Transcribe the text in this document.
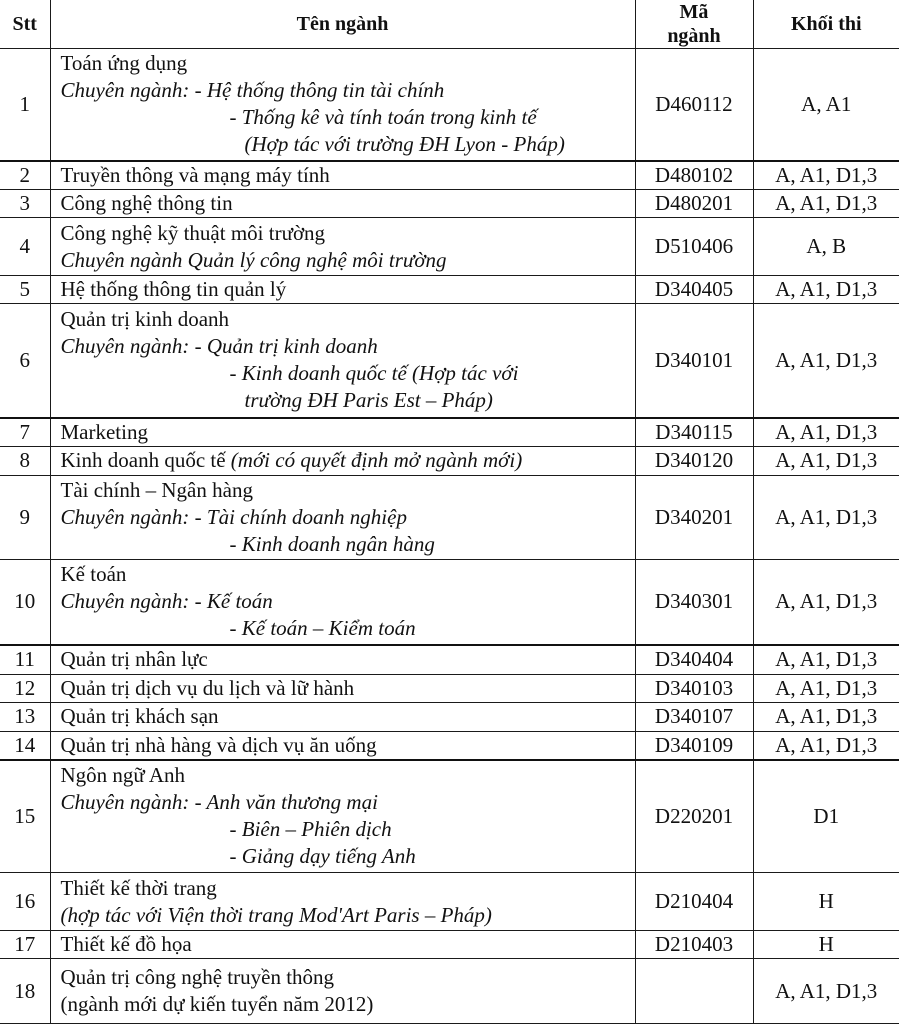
Stt	Tên ngành	Mã ngành	Khối thi
1	Toán ứng dụng
Chuyên ngành: - Hệ thống thông tin tài chính
- Thống kê và tính toán trong kinh tế
(Hợp tác với trường ĐH Lyon - Pháp)	D460112	A, A1
2	Truyền thông và mạng máy tính	D480102	A, A1, D1,3
3	Công nghệ thông tin	D480201	A, A1, D1,3
4	Công nghệ kỹ thuật môi trường
Chuyên ngành Quản lý công nghệ môi trường	D510406	A, B
5	Hệ thống thông tin quản lý	D340405	A, A1, D1,3
6	Quản trị kinh doanh
Chuyên ngành: - Quản trị kinh doanh
- Kinh doanh quốc tế (Hợp tác với
trường ĐH Paris Est – Pháp)	D340101	A, A1, D1,3
7	Marketing	D340115	A, A1, D1,3
8	Kinh doanh quốc tế (mới có quyết định mở ngành mới)	D340120	A, A1, D1,3
9	Tài chính – Ngân hàng
Chuyên ngành: - Tài chính doanh nghiệp
- Kinh doanh ngân hàng	D340201	A, A1, D1,3
10	Kế toán
Chuyên ngành: - Kế toán
- Kế toán – Kiểm toán	D340301	A, A1, D1,3
11	Quản trị nhân lực	D340404	A, A1, D1,3
12	Quản trị dịch vụ du lịch và lữ hành	D340103	A, A1, D1,3
13	Quản trị khách sạn	D340107	A, A1, D1,3
14	Quản trị nhà hàng và dịch vụ ăn uống	D340109	A, A1, D1,3
15	Ngôn ngữ Anh
Chuyên ngành: - Anh văn thương mại
- Biên – Phiên dịch
- Giảng dạy tiếng Anh	D220201	D1
16	Thiết kế thời trang
(hợp tác với Viện thời trang Mod'Art Paris – Pháp)	D210404	H
17	Thiết kế đồ họa	D210403	H
18	Quản trị công nghệ truyền thông
(ngành mới dự kiến tuyển năm 2012)		A, A1, D1,3
